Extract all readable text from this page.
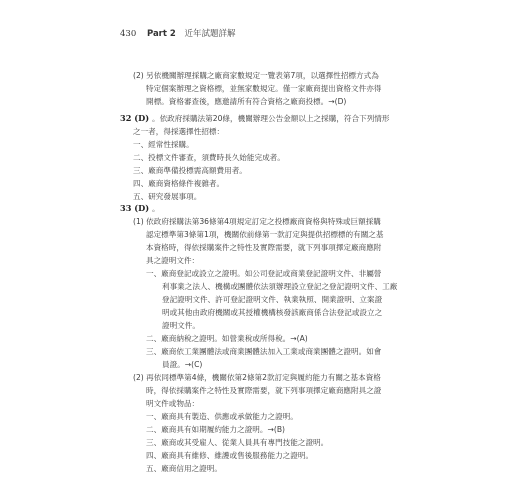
430 Part 2 近年試題詳解
(2) 另依機關辦理採購之廠商家數規定一覽表第7項，以選擇性招標方式為
特定個案辦理之資格標，並無家數規定。僅一家廠商提出資格文件亦得
開標。資格審查後，應邀請所有符合資格之廠商投標。→(D)
32 (D) 。依政府採購法第20條，機關辦理公告金額以上之採購，符合下列情形
之一者，得採選擇性招標：
一、經常性採購。
二、投標文件審查，須費時長久始能完成者。
三、廠商準備投標需高額費用者。
四、廠商資格條件複雜者。
五、研究發展事項。
33 (D) 。
(1) 依政府採購法第36條第4項規定訂定之投標廠商資格與特殊或巨額採購
認定標準第3條第1項，機關依前條第一款訂定與提供招標標的有關之基
本資格時，得依採購案件之特性及實際需要，就下列事項擇定廠商應附
具之證明文件：
一、廠商登記或設立之證明。如公司登記或商業登記證明文件、非屬營
利事業之法人、機構或團體依法須辦理設立登記之登記證明文件、工廠
登記證明文件、許可登記證明文件、執業執照、開業證明、立案證
明或其他由政府機關或其授權機構核發該廠商係合法登記或設立之
證明文件。
二、廠商納稅之證明。如營業稅或所得稅。→(A)
三、廠商依工業團體法或商業團體法加入工業或商業團體之證明。如會
員證。→(C)
(2) 再依同標準第4條，機關依第2條第2款訂定與履約能力有關之基本資格
時，得依採購案件之特性及實際需要，就下列事項擇定廠商應附具之證
明文件或物品：
一、廠商具有製造、供應或承做能力之證明。
二、廠商具有如期履約能力之證明。→(B)
三、廠商或其受雇人、從業人員具有專門技能之證明。
四、廠商具有維修、維護或售後服務能力之證明。
五、廠商信用之證明。
